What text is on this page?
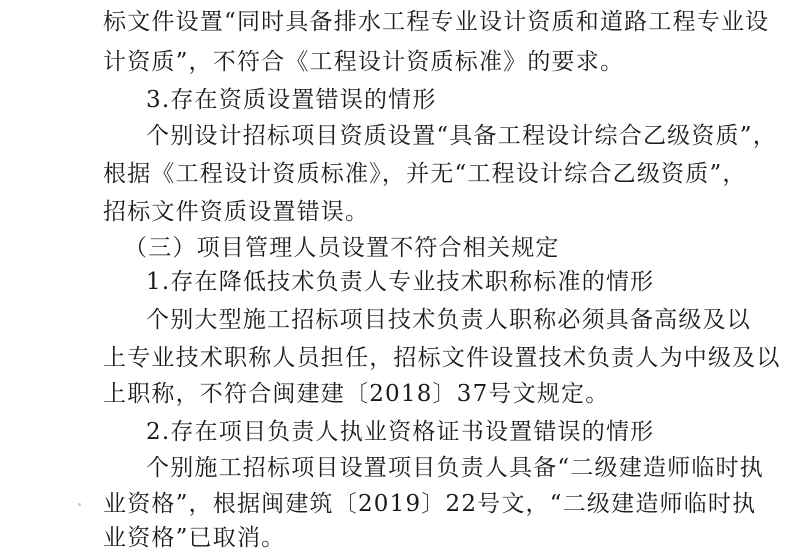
标文件设置“同时具备排水工程专业设计资质和道路工程专业设
计资质”，不符合《工程设计资质标准》的要求。
3.存在资质设置错误的情形
个别设计招标项目资质设置“具备工程设计综合乙级资质”，
根据《工程设计资质标准》，并无“工程设计综合乙级资质”，
招标文件资质设置错误。
（三）项目管理人员设置不符合相关规定
1.存在降低技术负责人专业技术职称标准的情形
个别大型施工招标项目技术负责人职称必须具备高级及以
上专业技术职称人员担任，招标文件设置技术负责人为中级及以
上职称，不符合闽建建〔2018〕37号文规定。
2.存在项目负责人执业资格证书设置错误的情形
个别施工招标项目设置项目负责人具备“二级建造师临时执
业资格”，根据闽建筑〔2019〕22号文，“二级建造师临时执
业资格”已取消。
